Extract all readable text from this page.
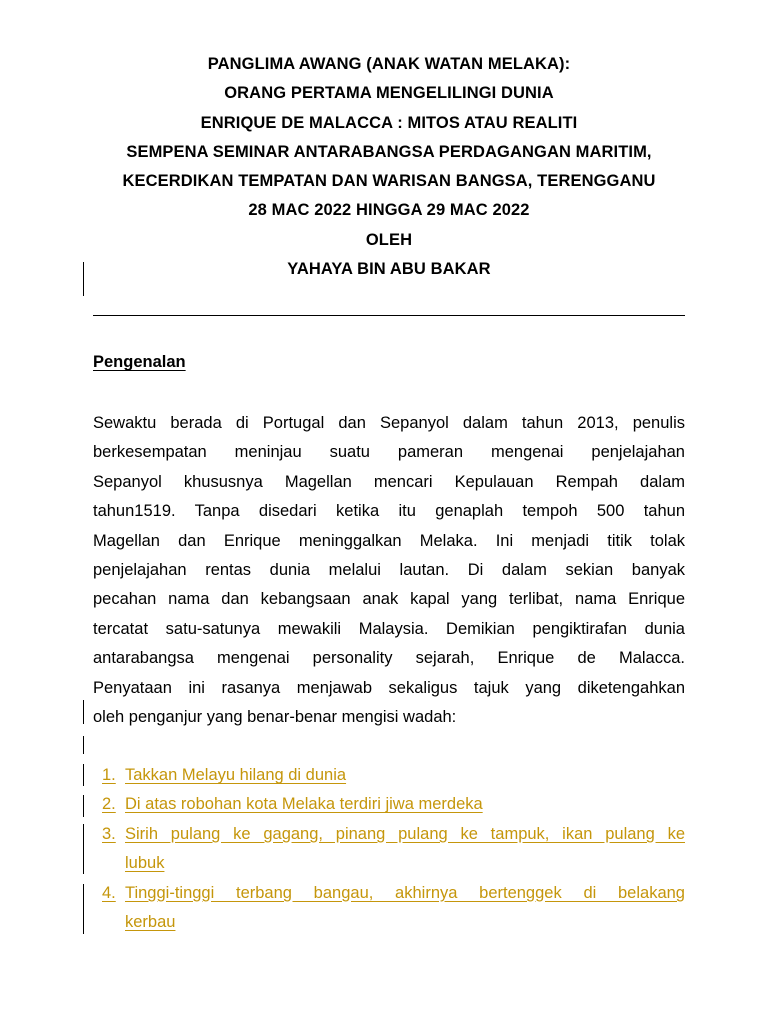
PANGLIMA AWANG (ANAK WATAN MELAKA):
ORANG PERTAMA MENGELILINGI DUNIA
ENRIQUE DE MALACCA : MITOS ATAU REALITI
SEMPENA SEMINAR ANTARABANGSA PERDAGANGAN MARITIM,
KECERDIKAN TEMPATAN DAN WARISAN BANGSA, TERENGGANU
28 MAC 2022 HINGGA 29 MAC 2022
OLEH
YAHAYA BIN ABU BAKAR
Pengenalan
Sewaktu berada di Portugal dan Sepanyol dalam tahun 2013, penulis
berkesempatan meninjau suatu pameran mengenai penjelajahan
Sepanyol khususnya Magellan mencari Kepulauan Rempah dalam
tahun1519. Tanpa disedari ketika itu genaplah tempoh 500 tahun
Magellan dan Enrique meninggalkan Melaka. Ini menjadi titik tolak
penjelajahan rentas dunia melalui lautan. Di dalam sekian banyak
pecahan nama dan kebangsaan anak kapal yang terlibat, nama Enrique
tercatat satu-satunya mewakili Malaysia. Demikian pengiktirafan dunia
antarabangsa mengenai personality sejarah, Enrique de Malacca.
Penyataan ini rasanya menjawab sekaligus tajuk yang diketengahkan
oleh penganjur yang benar-benar mengisi wadah:
1. Takkan Melayu hilang di dunia
2. Di atas robohan kota Melaka terdiri jiwa merdeka
3. Sirih pulang ke gagang, pinang pulang ke tampuk, ikan pulang ke
lubuk
4. Tinggi-tinggi terbang bangau, akhirnya bertenggek di belakang
kerbau
